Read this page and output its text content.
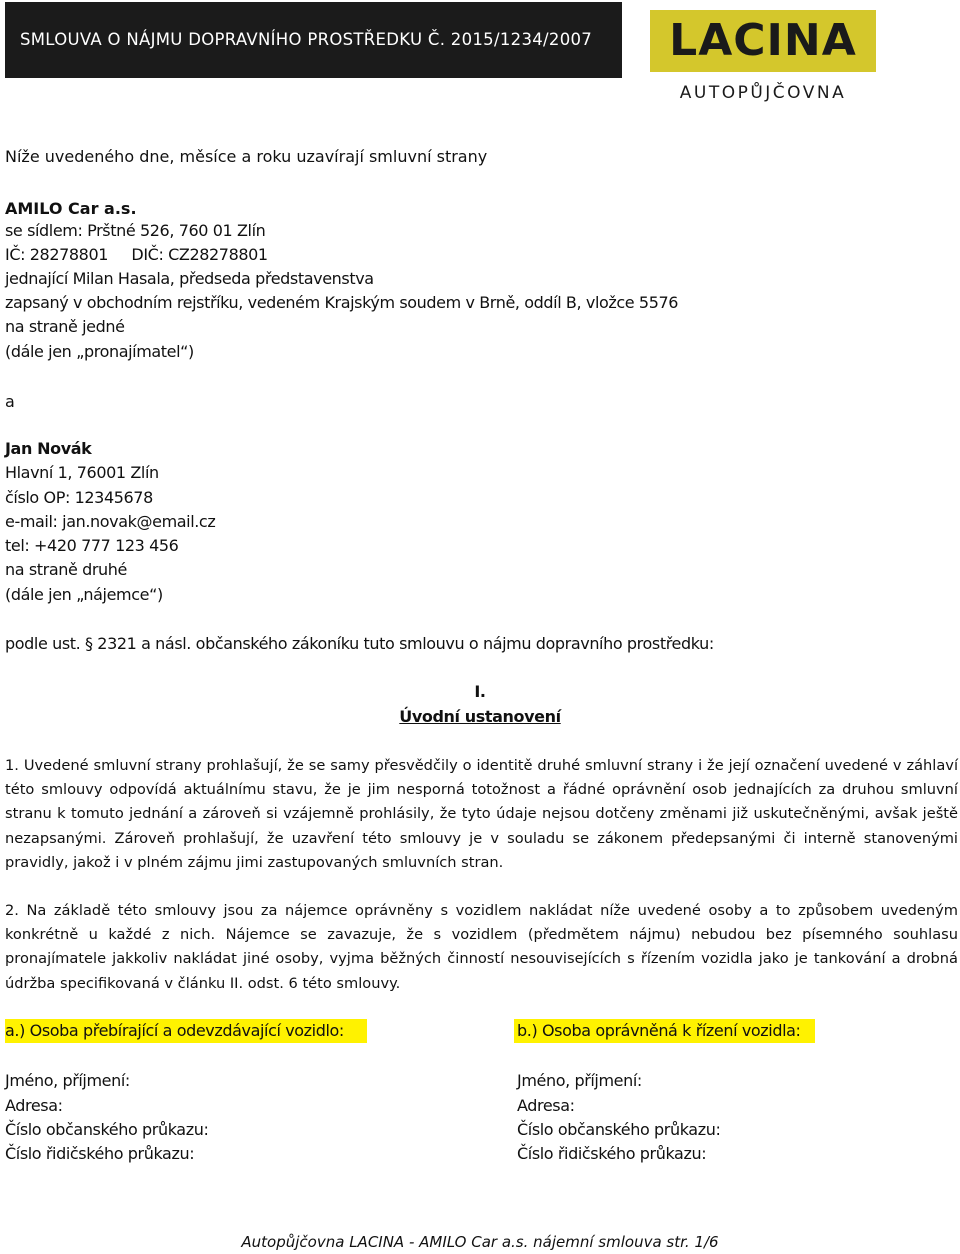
SMLOUVA O NÁJMU DOPRAVNÍHO PROSTŘEDKU Č. 2015/1234/2007	LACINA
AUTOPŮJČOVNA
Níže uvedeného dne, měsíce a roku uzavírají smluvní strany
AMILO Car a.s.
se sídlem: Prštné 526, 760 01 Zlín
IČ: 28278801     DIČ: CZ28278801
jednající Milan Hasala, předseda představenstva
zapsaný v obchodním rejstříku, vedeném Krajským soudem v Brně, oddíl B, vložce 5576
na straně jedné
(dále jen „pronajímatel“)
a
Jan Novák
Hlavní 1, 76001 Zlín
číslo OP: 12345678
e-mail: jan.novak@email.cz
tel: +420 777 123 456
na straně druhé
(dále jen „nájemce“)
podle ust. § 2321 a násl. občanského zákoníku tuto smlouvu o nájmu dopravního prostředku:
I.
Úvodní ustanovení
1. Uvedené smluvní strany prohlašují, že se samy přesvědčily o identitě druhé smluvní strany i že její označení uvedené v záhlaví této smlouvy odpovídá aktuálnímu stavu, že je jim nesporná totožnost a řádné oprávnění osob jednajících za druhou smluvní stranu k tomuto jednání a zároveň si vzájemně prohlásily, že tyto údaje nejsou dotčeny změnami již uskutečněnými, avšak ještě nezapsanými. Zároveň prohlašují, že uzavření této smlouvy je v souladu se zákonem předepsanými či interně stanovenými pravidly, jakož i v plném zájmu jimi zastupovaných smluvních stran.
2. Na základě této smlouvy jsou za nájemce oprávněny s vozidlem nakládat níže uvedené osoby a to způsobem uvedeným konkrétně u každé z nich. Nájemce se zavazuje, že s vozidlem (předmětem nájmu) nebudou bez písemného souhlasu pronajímatele jakkoliv nakládat jiné osoby, vyjma běžných činností nesouvisejících s řízením vozidla jako je tankování a drobná údržba specifikovaná v článku II. odst. 6 této smlouvy.
a.) Osoba přebírající a odevzdávající vozidlo:	b.) Osoba oprávněná k řízení vozidla:
Jméno, příjmení:
Adresa:
Číslo občanského průkazu:
Číslo řidičského průkazu:
Jméno, příjmení:
Adresa:
Číslo občanského průkazu:
Číslo řidičského průkazu:
Autopůjčovna LACINA - AMILO Car a.s. nájemní smlouva str. 1/6
